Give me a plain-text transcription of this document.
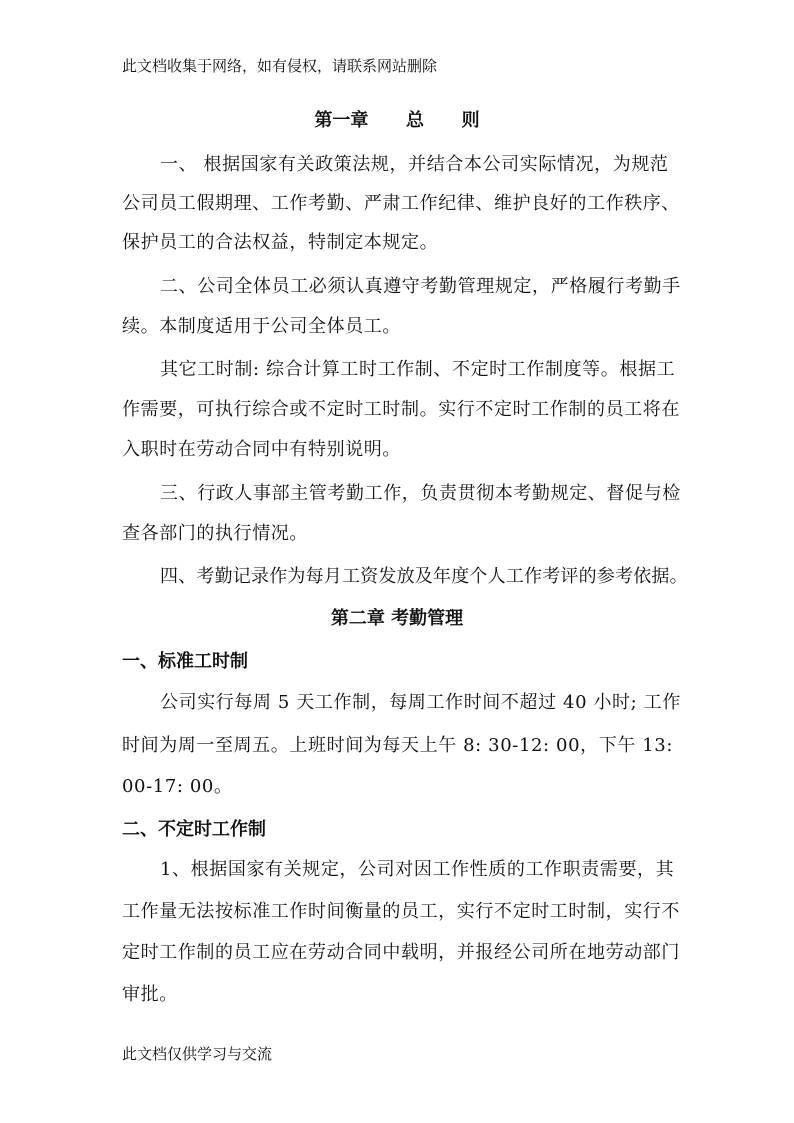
此文档收集于网络，如有侵权，请联系网站删除
第一章      总      则
一、 根据国家有关政策法规，并结合本公司实际情况，为规范
公司员工假期理、工作考勤、严肃工作纪律、维护良好的工作秩序、
保护员工的合法权益，特制定本规定。
二、公司全体员工必须认真遵守考勤管理规定，严格履行考勤手
续。本制度适用于公司全体员工。
其它工时制: 综合计算工时工作制、不定时工作制度等。根据工
作需要，可执行综合或不定时工时制。实行不定时工作制的员工将在
入职时在劳动合同中有特别说明。
三、行政人事部主管考勤工作，负责贯彻本考勤规定、督促与检
查各部门的执行情况。
四、考勤记录作为每月工资发放及年度个人工作考评的参考依据。
第二章 考勤管理
一、标准工时制
公司实行每周 5 天工作制，每周工作时间不超过 40 小时; 工作
时间为周一至周五。上班时间为每天上午 8: 30-12: 00，下午 13:
00-17: 00。
二、不定时工作制
1、根据国家有关规定，公司对因工作性质的工作职责需要，其
工作量无法按标准工作时间衡量的员工，实行不定时工时制，实行不
定时工作制的员工应在劳动合同中载明，并报经公司所在地劳动部门
审批。
此文档仅供学习与交流
